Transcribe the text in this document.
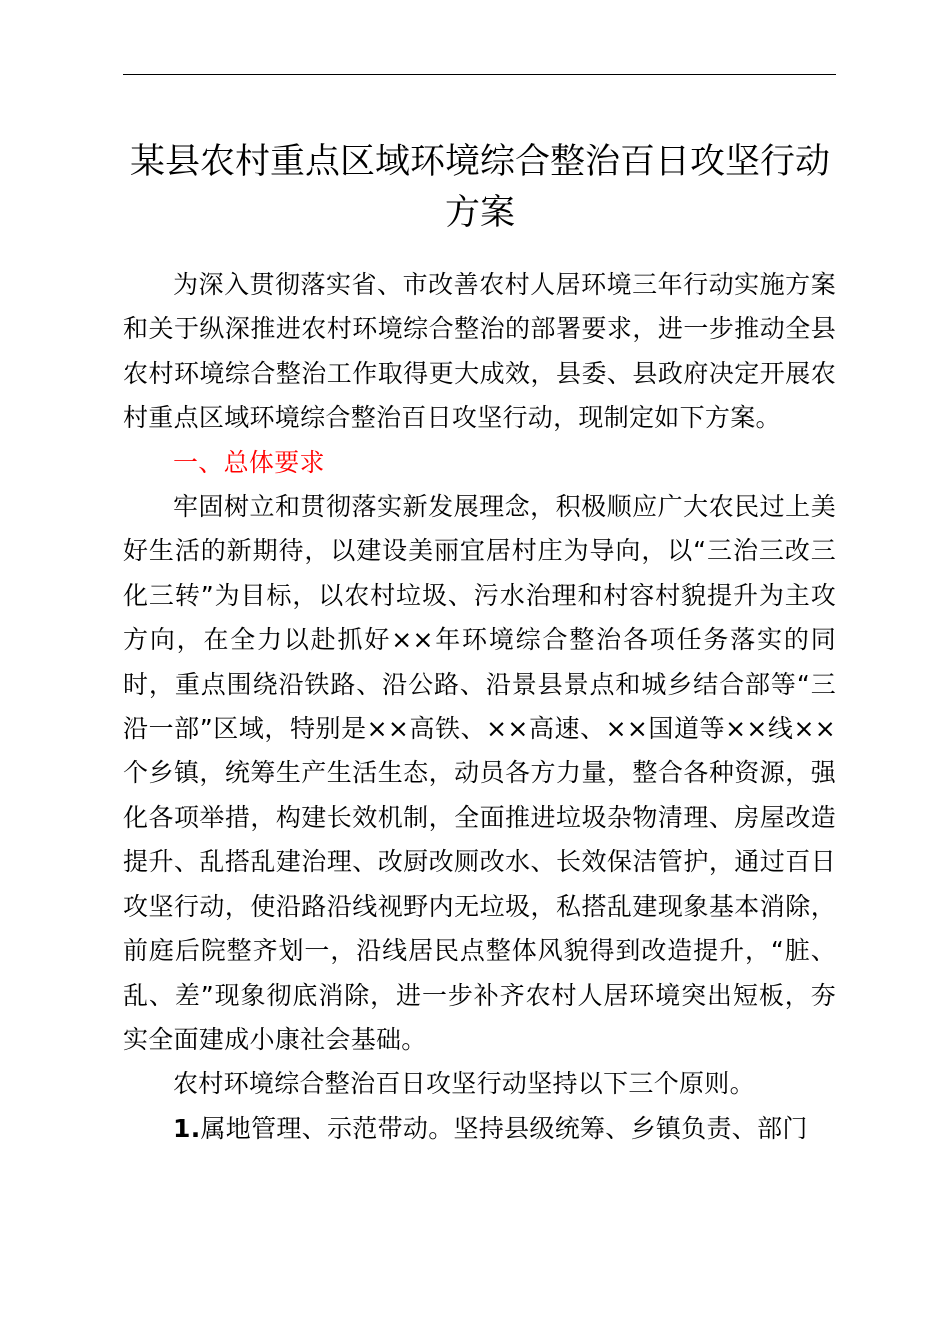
某县农村重点区域环境综合整治百日攻坚行动方案

为深入贯彻落实省、市改善农村人居环境三年行动实施方案和关于纵深推进农村环境综合整治的部署要求，进一步推动全县农村环境综合整治工作取得更大成效，县委、县政府决定开展农村重点区域环境综合整治百日攻坚行动，现制定如下方案。

一、总体要求

牢固树立和贯彻落实新发展理念，积极顺应广大农民过上美好生活的新期待，以建设美丽宜居村庄为导向，以“三治三改三化三转”为目标，以农村垃圾、污水治理和村容村貌提升为主攻方向，在全力以赴抓好××年环境综合整治各项任务落实的同时，重点围绕沿铁路、沿公路、沿景县景点和城乡结合部等“三沿一部”区域，特别是××高铁、××高速、××国道等××线××个乡镇，统筹生产生活生态，动员各方力量，整合各种资源，强化各项举措，构建长效机制，全面推进垃圾杂物清理、房屋改造提升、乱搭乱建治理、改厨改厕改水、长效保洁管护，通过百日攻坚行动，使沿路沿线视野内无垃圾，私搭乱建现象基本消除，前庭后院整齐划一，沿线居民点整体风貌得到改造提升，“脏、乱、差”现象彻底消除，进一步补齐农村人居环境突出短板，夯实全面建成小康社会基础。

农村环境综合整治百日攻坚行动坚持以下三个原则。

1.属地管理、示范带动。坚持县级统筹、乡镇负责、部门
